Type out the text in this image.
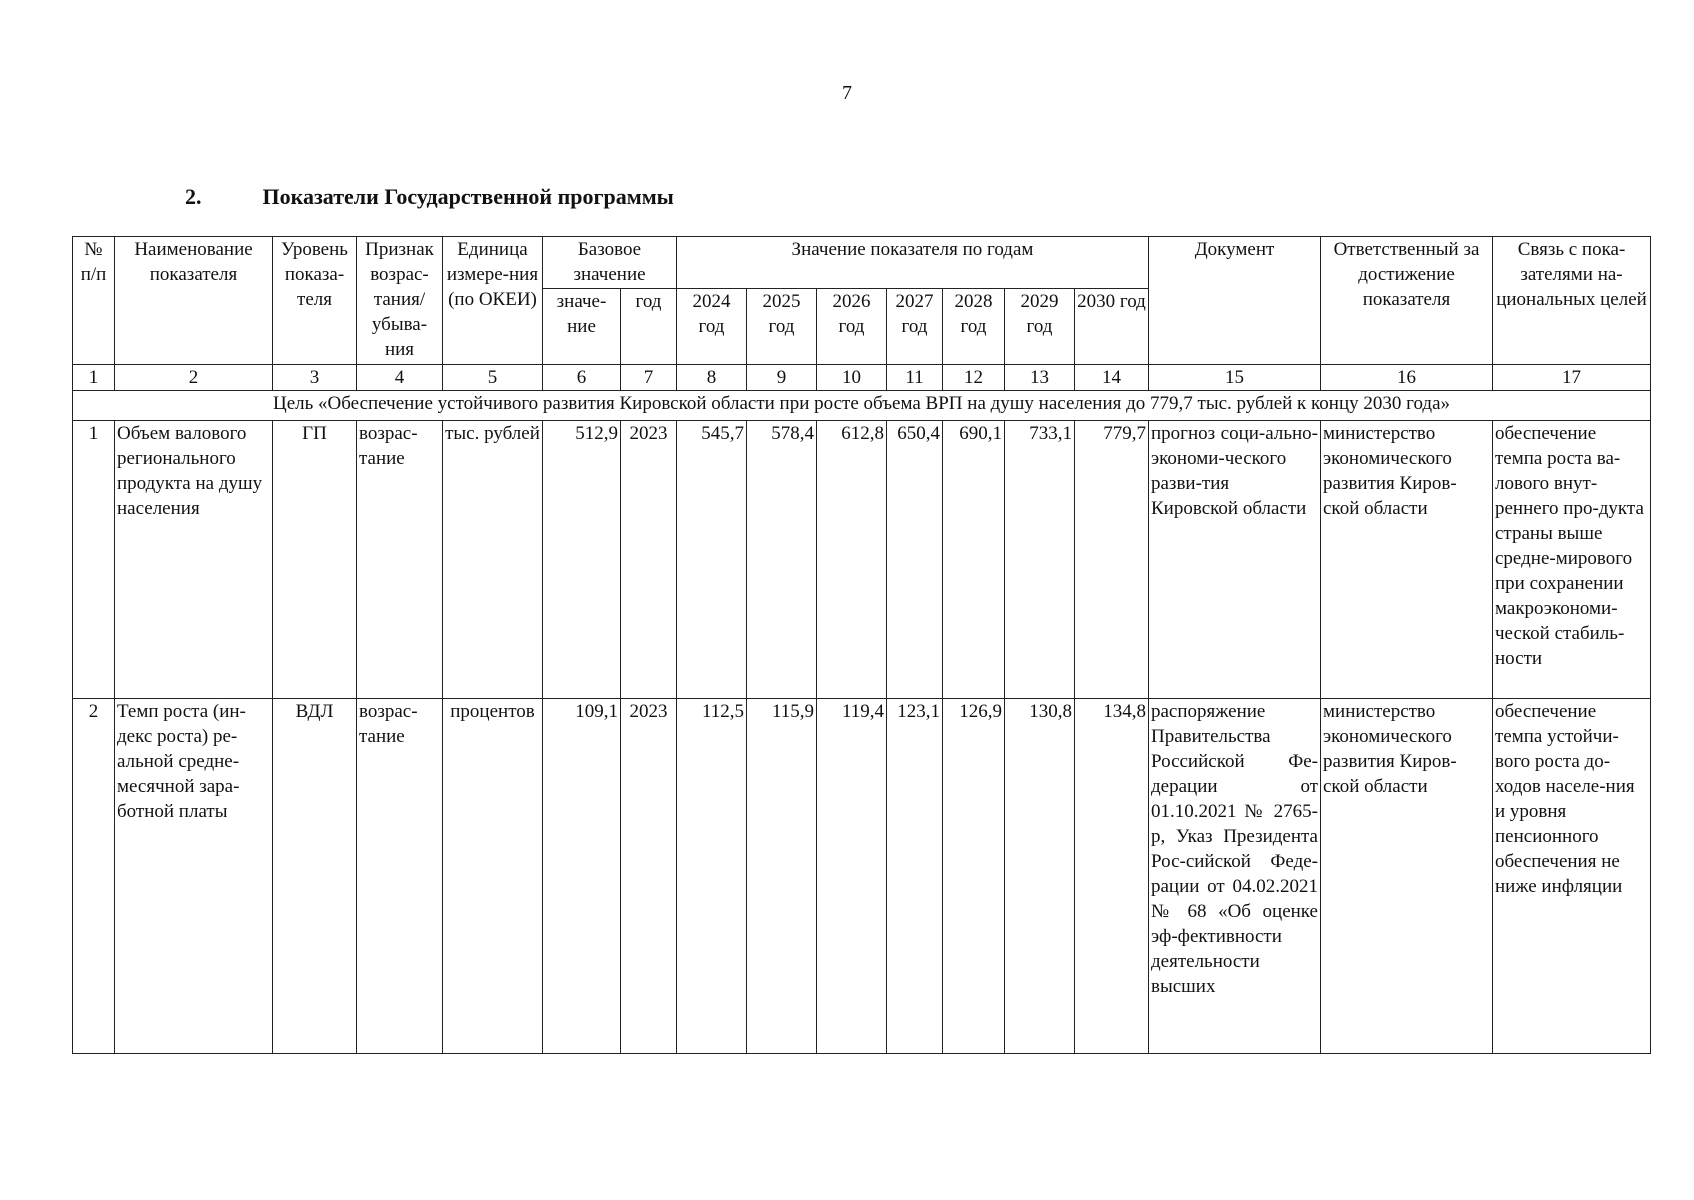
7
2.	Показатели Государственной программы
№ п/п	Наименование показателя	Уровень показа-теля	Признак возрас-тания/ убыва-ния	Единица измере-ния (по ОКЕИ)	Базовое значение		Значение показателя по годам							Документ	Ответственный за достижение показателя	Связь с пока-зателями на-циональных целей
					значе-ние	год	2024 год	2025 год	2026 год	2027 год	2028 год	2029 год	2030 год			
1	2	3	4	5	6	7	8	9	10	11	12	13	14	15	16	17
Цель «Обеспечение устойчивого развития Кировской области при росте объема ВРП на душу населения до 779,7 тыс. рублей к концу 2030 года»																
1	Объем валового регионального продукта на душу населения	ГП	возрас-тание	тыс. рублей	512,9	2023	545,7	578,4	612,8	650,4	690,1	733,1	779,7	прогноз соци-ально-экономи-ческого разви-тия Кировской области	министерство экономического развития Киров-ской области	обеспечение темпа роста ва-лового внут-реннего про-дукта страны выше средне-мирового при сохранении макроэкономи-ческой стабиль-ности
2	Темп роста (ин-декс роста) ре-альной средне-месячной зара-ботной платы	ВДЛ	возрас-тание	процентов	109,1	2023	112,5	115,9	119,4	123,1	126,9	130,8	134,8	распоряжение Правительства Российской Фе-дерации от 01.10.2021 № 2765-р, Указ Президента Рос-сийской Феде-рации от 04.02.2021 № 68 «Об оценке эф-фективности деятельности высших	министерство экономического развития Киров-ской области	обеспечение темпа устойчи-вого роста до-ходов населе-ния и уровня пенсионного обеспечения не ниже инфляции
